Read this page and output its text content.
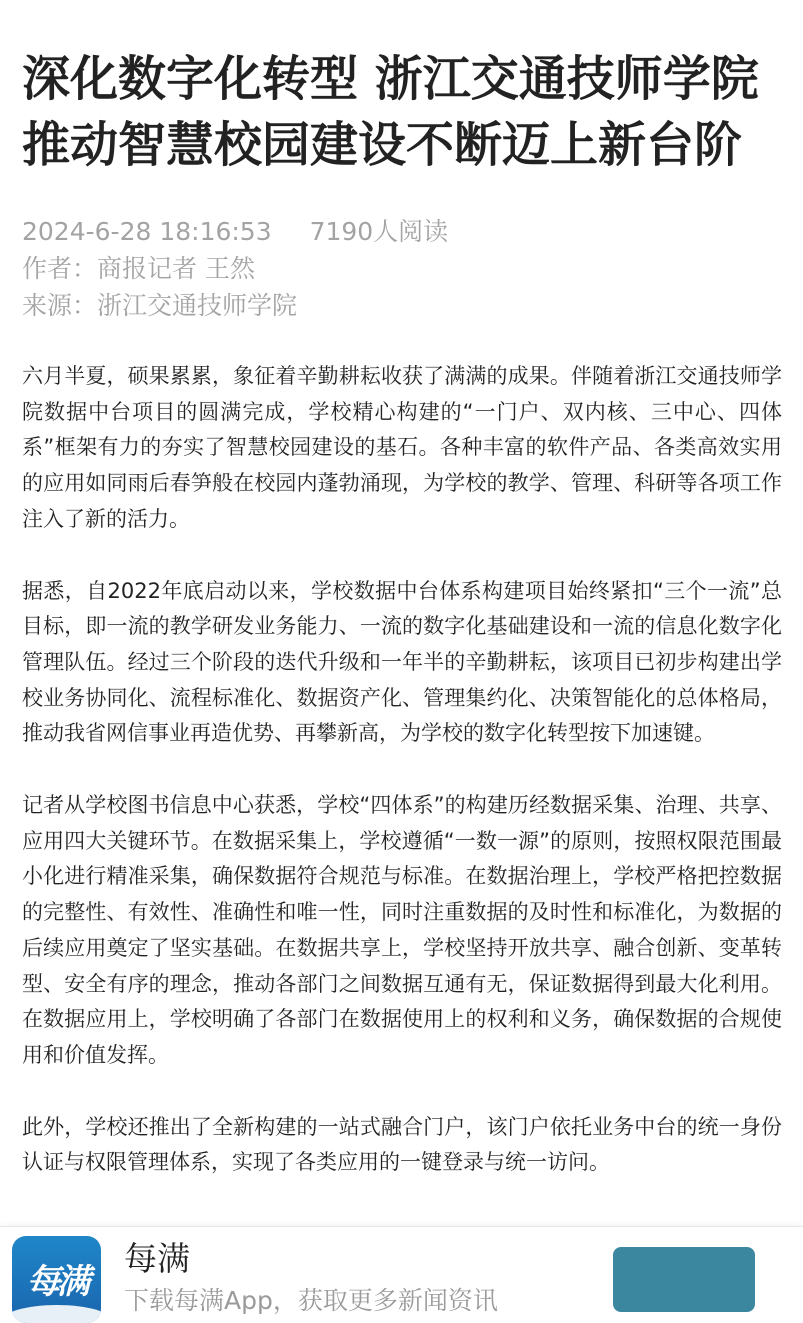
深化数字化转型 浙江交通技师学院推动智慧校园建设不断迈上新台阶
2024-6-28 18:16:53 7190人阅读
作者：商报记者 王然
来源：浙江交通技师学院

六月半夏，硕果累累，象征着辛勤耕耘收获了满满的成果。伴随着浙江交通技师学院数据中台项目的圆满完成，学校精心构建的“一门户、双内核、三中心、四体系”框架有力的夯实了智慧校园建设的基石。各种丰富的软件产品、各类高效实用的应用如同雨后春笋般在校园内蓬勃涌现，为学校的教学、管理、科研等各项工作注入了新的活力。

据悉，自2022年底启动以来，学校数据中台体系构建项目始终紧扣“三个一流”总目标，即一流的教学研发业务能力、一流的数字化基础建设和一流的信息化数字化管理队伍。经过三个阶段的迭代升级和一年半的辛勤耕耘，该项目已初步构建出学校业务协同化、流程标准化、数据资产化、管理集约化、决策智能化的总体格局，推动我省网信事业再造优势、再攀新高，为学校的数字化转型按下加速键。

记者从学校图书信息中心获悉，学校“四体系”的构建历经数据采集、治理、共享、应用四大关键环节。在数据采集上，学校遵循“一数一源”的原则，按照权限范围最小化进行精准采集，确保数据符合规范与标准。在数据治理上，学校严格把控数据的完整性、有效性、准确性和唯一性，同时注重数据的及时性和标准化，为数据的后续应用奠定了坚实基础。在数据共享上，学校坚持开放共享、融合创新、变革转型、安全有序的理念，推动各部门之间数据互通有无，保证数据得到最大化利用。在数据应用上，学校明确了各部门在数据使用上的权利和义务，确保数据的合规使用和价值发挥。

此外，学校还推出了全新构建的一站式融合门户，该门户依托业务中台的统一身份认证与权限管理体系，实现了各类应用的一键登录与统一访问。

每满
每满
下载每满App，获取更多新闻资讯
